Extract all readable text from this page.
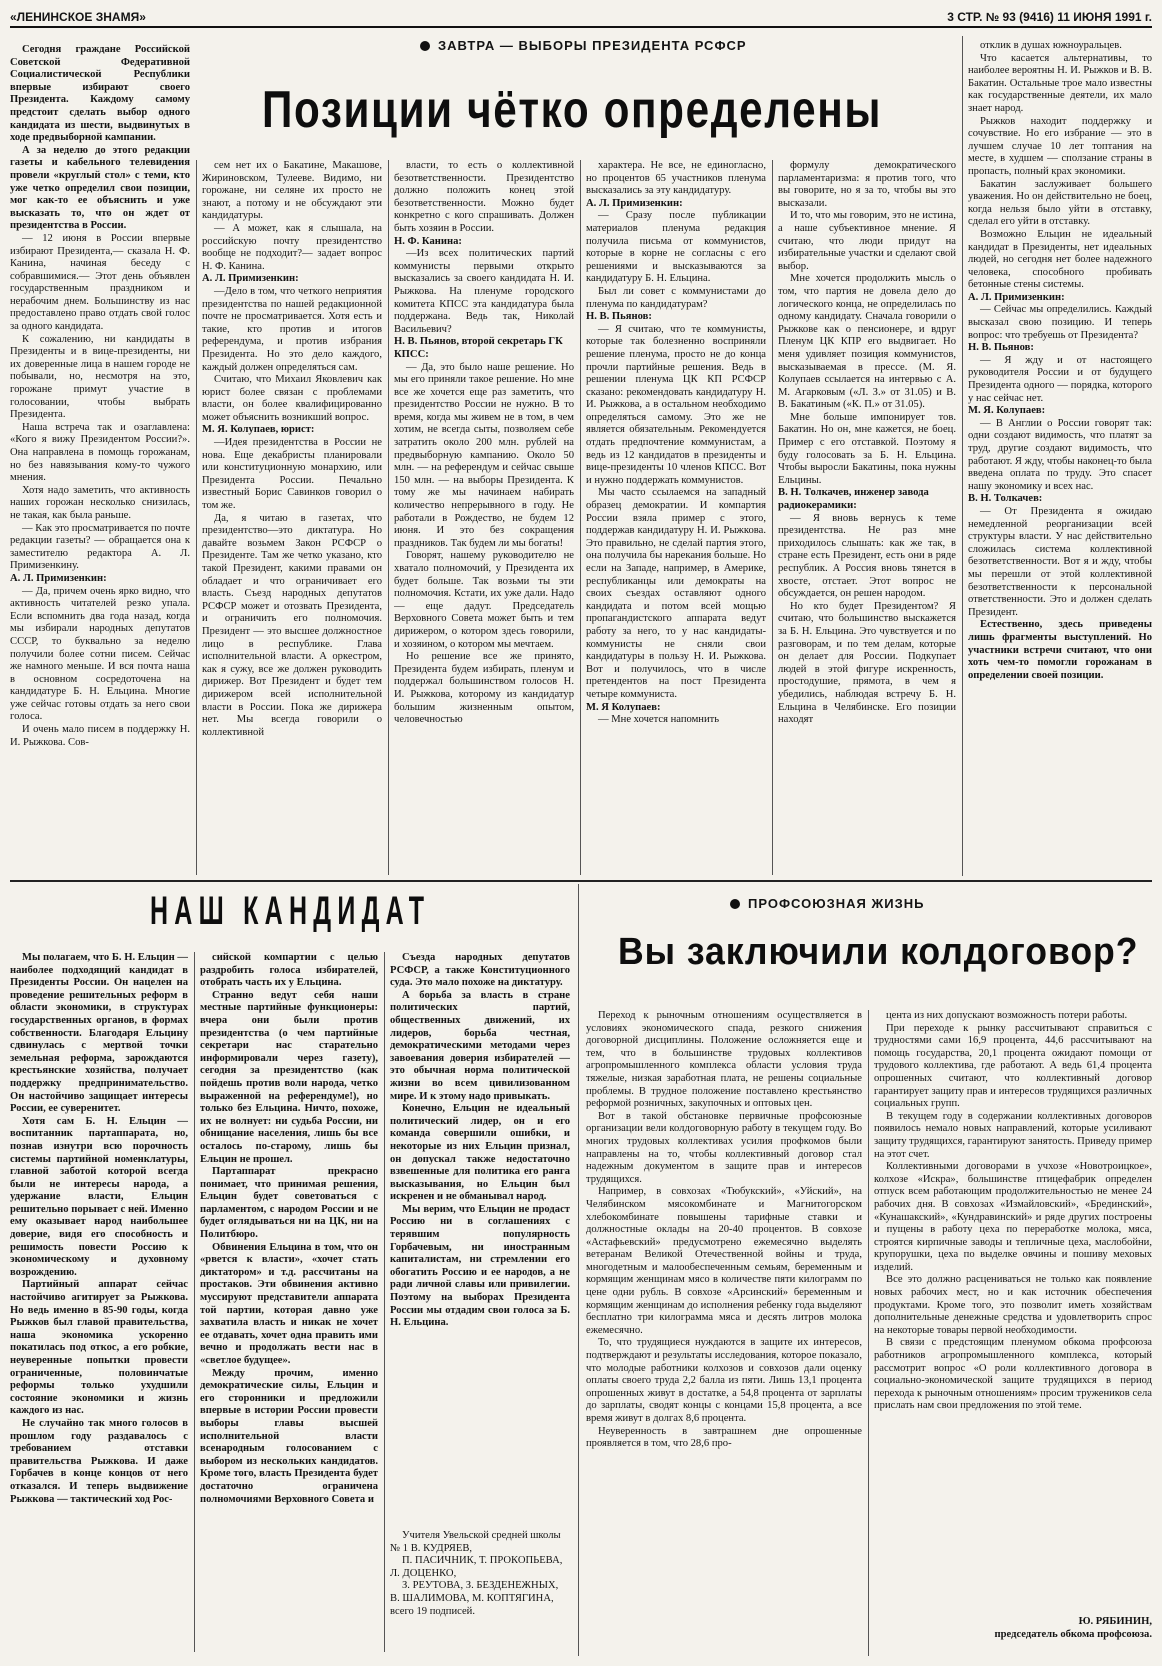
«ЛЕНИНСКОЕ ЗНАМЯ»	3 СТР. № 93 (9416) 11 ИЮНЯ 1991 г.
ЗАВТРА — ВЫБОРЫ ПРЕЗИДЕНТА РСФСР
Позиции чётко определены

Сегодня граждане Российской Советской Федеративной Социалистической Республики впервые избирают своего Президента. Каждому самому предстоит сделать выбор одного кандидата из шести, выдвинутых в ходе предвыборной кампании.

А за неделю до этого редакции газеты и кабельного телевидения провели «круглый стол» с теми, кто уже четко определил свои позиции, мог как-то ее объяснить и уже высказать то, что он ждет от президентства в России.

— 12 июня в России впервые избирают Президента,— сказала Н. Ф. Канина, начиная беседу с собравшимися.— Этот день объявлен государственным праздником и нерабочим днем. Большинству из нас предоставлено право отдать свой голос за одного кандидата.

К сожалению, ни кандидаты в Президенты и в вице-президенты, ни их доверенные лица в нашем городе не побывали, но, несмотря на это, горожане примут участие в голосовании, чтобы выбрать Президента.

Наша встреча так и озаглавлена: «Кого я вижу Президентом России?». Она направлена в помощь горожанам, но без навязывания кому-то чужого мнения.

Хотя надо заметить, что активность наших горожан несколько снизилась, не такая, как была раньше.

— Как это просматривается по почте редакции газеты? — обращается она к заместителю редактора А. Л. Примизенкину.

А. Л. Примизенкин:

— Да, причем очень ярко видно, что активность читателей резко упала. Если вспомнить два года назад, когда мы избирали народных депутатов СССР, то буквально за неделю получили более сотни писем. Сейчас же намного меньше. И вся почта наша в основном сосредоточена на кандидатуре Б. Н. Ельцина. Многие уже сейчас готовы отдать за него свои голоса.

И очень мало писем в поддержку Н. И. Рыжкова. Сов-

сем нет их о Бакатине, Макашове, Жириновском, Тулееве. Видимо, ни горожане, ни селяне их просто не знают, а потому и не обсуждают эти кандидатуры.

— А может, как я слышала, на российскую почту президентство вообще не подходит?— задает вопрос Н. Ф. Канина.

А. Л. Примизенкин:

—Дело в том, что четкого неприятия президентства по нашей редакционной почте не просматривается. Хотя есть и такие, кто против и итогов референдума, и против избрания Президента. Но это дело каждого, каждый должен определяться сам.

Считаю, что Михаил Яковлевич как юрист более связан с проблемами власти, он более квалифицированно может объяснить возникший вопрос.

М. Я. Колупаев, юрист:

—Идея президентства в России не нова. Еще декабристы планировали или конституционную монархию, или Президента России. Печально известный Борис Савинков говорил о том же.

Да, я читаю в газетах, что президентство—это диктатура. Но давайте возьмем Закон РСФСР о Президенте. Там же четко указано, кто такой Президент, какими правами он обладает и что ограничивает его власть. Съезд народных депутатов РСФСР может и отозвать Президента, и ограничить его полномочия. Президент — это высшее должностное лицо в республике. Глава исполнительной власти. А оркестром, как я сужу, все же должен руководить дирижер. Вот Президент и будет тем дирижером всей исполнительной власти в России. Пока же дирижера нет. Мы всегда говорили о коллективной

власти, то есть о коллективной безответственности. Президентство должно положить конец этой безответственности. Можно будет конкретно с кого спрашивать. Должен быть хозяин в России.

Н. Ф. Канина:

—Из всех политических партий коммунисты первыми открыто высказались за своего кандидата Н. И. Рыжкова. На пленуме городского комитета КПСС эта кандидатура была поддержана. Ведь так, Николай Васильевич?

Н. В. Пьянов, второй секретарь ГК КПСС:

— Да, это было наше решение. Но мы его приняли такое решение. Но мне все же хочется еще раз заметить, что президентство России не нужно. В то время, когда мы живем не в том, в чем хотим, не всегда сыты, позволяем себе затратить около 200 млн. рублей на предвыборную кампанию. Около 50 млн. — на референдум и сейчас свыше 150 млн. — на выборы Президента. К тому же мы начинаем набирать количество непрерывного в году. Не работали в Рождество, не будем 12 июня. И это без сокращения праздников. Так будем ли мы богаты!

Говорят, нашему руководителю не хватало полномочий, у Президента их будет больше. Так возьми ты эти полномочия. Кстати, их уже дали. Надо — еще дадут. Председатель Верховного Совета может быть и тем дирижером, о котором здесь говорили, и хозяином, о котором мы мечтаем.

Но решение все же принято, Президента будем избирать, пленум и поддержал большинством голосов Н. И. Рыжкова, которому из кандидатур большим жизненным опытом, человечностью

характера. Не все, не единогласно, но процентов 65 участников пленума высказались за эту кандидатуру.

А. Л. Примизенкин:

— Сразу после публикации материалов пленума редакция получила письма от коммунистов, которые в корне не согласны с его решениями и высказываются за кандидатуру Б. Н. Ельцина.

Был ли совет с коммунистами до пленума по кандидатурам?

Н. В. Пьянов:

— Я считаю, что те коммунисты, которые так болезненно восприняли решение пленума, просто не до конца прочли партийные решения. Ведь в решении пленума ЦК КП РСФСР сказано: рекомендовать кандидатуру Н. И. Рыжкова, а в остальном необходимо определяться самому. Это же не является обязательным. Рекомендуется отдать предпочтение коммунистам, а ведь из 12 кандидатов в президенты и вице-президенты 10 членов КПСС. Вот и нужно поддержать коммунистов.

Мы часто ссылаемся на западный образец демократии. И компартия России взяла пример с этого, поддержав кандидатуру Н. И. Рыжкова. Это правильно, не сделай партия этого, она получила бы нарекания больше. Но если на Западе, например, в Америке, республиканцы или демократы на своих съездах оставляют одного кандидата и потом всей мощью пропагандистского аппарата ведут работу за него, то у нас кандидаты-коммунисты не сняли свои кандидатуры в пользу Н. И. Рыжкова. Вот и получилось, что в числе претендентов на пост Президента четыре коммуниста.

М. Я Колупаев:

— Мне хочется напомнить

формулу демократического парламентаризма: я против того, что вы говорите, но я за то, чтобы вы это высказали.

И то, что мы говорим, это не истина, а наше субъективное мнение. Я считаю, что люди придут на избирательные участки и сделают свой выбор.

Мне хочется продолжить мысль о том, что партия не довела дело до логического конца, не определилась по одному кандидату. Сначала говорили о Рыжкове как о пенсионере, и вдруг Пленум ЦК КПР его выдвигает. Но меня удивляет позиция коммунистов, высказываемая в прессе. (М. Я. Колупаев ссылается на интервью с А. М. Агарковым («Л. З.» от 31.05) и В. В. Бакатиным («К. П.» от 31.05).

Мне больше импонирует тов. Бакатин. Но он, мне кажется, не боец. Пример с его отставкой. Поэтому я буду голосовать за Б. Н. Ельцина. Чтобы выросли Бакатины, пока нужны Ельцины.

В. Н. Толкачев, инженер завода радиокерамики:

— Я вновь вернусь к теме президентства. Не раз мне приходилось слышать: как же так, в стране есть Президент, есть они в ряде республик. А Россия вновь тянется в хвосте, отстает. Этот вопрос не обсуждается, он решен народом.

Но кто будет Президентом? Я считаю, что большинство выскажется за Б. Н. Ельцина. Это чувствуется и по разговорам, и по тем делам, которые он делает для России. Подкупает людей в этой фигуре искренность, простодушие, прямота, в чем я убедились, наблюдая встречу Б. Н. Ельцина в Челябинске. Его позиции находят

отклик в душах южноуральцев.

Что касается альтернативы, то наиболее вероятны Н. И. Рыжков и В. В. Бакатин. Остальные трое мало известны как государственные деятели, их мало знает народ.

Рыжков находит поддержку и сочувствие. Но его избрание — это в лучшем случае 10 лет топтания на месте, в худшем — сползание страны в пропасть, полный крах экономики.

Бакатин заслуживает большего уважения. Но он действительно не боец, когда нельзя было уйти в отставку, сделал его уйти в отставку.

Возможно Ельцин не идеальный кандидат в Президенты, нет идеальных людей, но сегодня нет более надежного человека, способного пробивать бетонные стены системы.

А. Л. Примизенкин:

— Сейчас мы определились. Каждый высказал свою позицию. И теперь вопрос: что требуешь от Президента?

Н. В. Пьянов:

— Я жду и от настоящего руководителя России и от будущего Президента одного — порядка, которого у нас сейчас нет.

М. Я. Колупаев:

— В Англии о России говорят так: одни создают видимость, что платят за труд, другие создают видимость, что работают. Я жду, чтобы наконец-то была введена оплата по труду. Это спасет нашу экономику и всех нас.

В. Н. Толкачев:

— От Президента я ожидаю немедленной реорганизации всей структуры власти. У нас действительно сложилась система коллективной безответственности. Вот я и жду, чтобы мы перешли от этой коллективной безответственности к персональной ответственности. Это и должен сделать Президент.

Естественно, здесь приведены лишь фрагменты выступлений. Но участники встречи считают, что они хоть чем-то помогли горожанам в определении своей позиции.

НАШ КАНДИДАТ

Мы полагаем, что Б. Н. Ельцин — наиболее подходящий кандидат в Президенты России. Он нацелен на проведение решительных реформ в области экономики, в структурах государственных органов, в формах собственности. Благодаря Ельцину сдвинулась с мертвой точки земельная реформа, зарождаются крестьянские хозяйства, получает поддержку предпринимательство. Он настойчиво защищает интересы России, ее суверенитет.

Хотя сам Б. Н. Ельцин — воспитанник партаппарата, но, познав изнутри всю порочность системы партийной номенклатуры, главной заботой которой всегда были не интересы народа, а удержание власти, Ельцин решительно порывает с ней. Именно ему оказывает народ наибольшее доверие, видя его способность и решимость повести Россию к экономическому и духовному возрождению.

Партийный аппарат сейчас настойчиво агитирует за Рыжкова. Но ведь именно в 85-90 годы, когда Рыжков был главой правительства, наша экономика ускоренно покатилась под откос, а его робкие, неуверенные попытки провести ограниченные, половинчатые реформы только ухудшили состояние экономики и жизнь каждого из нас.

Не случайно так много голосов в прошлом году раздавалось с требованием отставки правительства Рыжкова. И даже Горбачев в конце концов от него отказался. И теперь выдвижение Рыжкова — тактический ход Рос-

сийской компартии с целью раздробить голоса избирателей, отобрать часть их у Ельцина.

Странно ведут себя наши местные партийные функционеры: вчера они были против президентства (о чем партийные секретари нас старательно информировали через газету), сегодня за президентство (как пойдешь против воли народа, четко выраженной на референдуме!), но только без Ельцина. Ничто, похоже, их не волнует: ни судьба России, ни обнищание населения, лишь бы все осталось по-старому, лишь бы Ельцин не прошел.

Партаппарат прекрасно понимает, что принимая решения, Ельцин будет советоваться с парламентом, с народом России и не будет оглядываться ни на ЦК, ни на Политбюро.

Обвинения Ельцина в том, что он «рвется к власти», «хочет стать диктатором» и т.д. рассчитаны на простаков. Эти обвинения активно муссируют представители аппарата той партии, которая давно уже захватила власть и никак не хочет ее отдавать, хочет одна править ими вечно и продолжать вести нас в «светлое будущее».

Между прочим, именно демократические силы, Ельцин и его сторонники и предложили впервые в истории России провести выборы главы высшей исполнительной власти всенародным голосованием с выбором из нескольких кандидатов. Кроме того, власть Президента будет достаточно ограничена полномочиями Верховного Совета и

Съезда народных депутатов РСФСР, а также Конституционного суда. Это мало похоже на диктатуру.

А борьба за власть в стране политических партий, общественных движений, их лидеров, борьба честная, демократическими методами через завоевания доверия избирателей — это обычная норма политической жизни во всем цивилизованном мире. И к этому надо привыкать.

Конечно, Ельцин не идеальный политический лидер, он и его команда совершили ошибки, и некоторые из них Ельцин признал, он допускал также недостаточно взвешенные для политика его ранга высказывания, но Ельцин был искренен и не обманывал народ.

Мы верим, что Ельцин не продаст Россию ни в соглашениях с терявшим популярность Горбачевым, ни иностранным капиталистам, ни стремлении его обогатить Россию и ее народов, а не ради личной славы или привилегии. Поэтому на выборах Президента России мы отдадим свои голоса за Б. Н. Ельцина.

Учителя Увельской средней школы № 1 В. КУДРЯЕВ,

П. ПАСИЧНИК, Т. ПРОКОПЬЕВА, Л. ДОЦЕНКО,

З. РЕУТОВА, З. БЕЗДЕНЕЖНЫХ, В. ШАЛИМОВА, М. КОПТЯГИНА, всего 19 подписей.

ПРОФСОЮЗНАЯ ЖИЗНЬ
Вы заключили колдоговор?

Переход к рыночным отношениям осуществляется в условиях экономического спада, резкого снижения договорной дисциплины. Положение осложняется еще и тем, что в большинстве трудовых коллективов агропромышленного комплекса области условия труда тяжелые, низкая заработная плата, не решены социальные проблемы. В трудное положение поставлено крестьянство реформой розничных, закупочных и оптовых цен.

Вот в такой обстановке первичные профсоюзные организации вели колдоговорную работу в текущем году. Во многих трудовых коллективах усилия профкомов были направлены на то, чтобы коллективный договор стал надежным документом в защите прав и интересов трудящихся.

Например, в совхозах «Тюбукский», «Уйский», на Челябинском мясокомбинате и Магнитогорском хлебокомбинате повышены тарифные ставки и должностные оклады на 20-40 процентов. В совхозе «Астафьевский» предусмотрено ежемесячно выделять ветеранам Великой Отечественной войны и труда, многодетным и малообеспеченным семьям, беременным и кормящим женщинам мясо в количестве пяти килограмм по цене одни рубль. В совхозе «Арсинский» беременным и кормящим женщинам до исполнения ребенку года выделяют бесплатно три килограмма мяса и десять литров молока ежемесячно.

То, что трудящиеся нуждаются в защите их интересов, подтверждают и результаты исследования, которое показало, что молодые работники колхозов и совхозов дали оценку оплаты своего труда 2,2 балла из пяти. Лишь 13,1 процента опрошенных живут в достатке, а 54,8 процента от зарплаты до зарплаты, сводят концы с концами 15,8 процента, а все время живут в долгах 8,6 процента.

Неуверенность в завтрашнем дне опрошенные проявляется в том, что 28,6 про-

цента из них допускают возможность потери работы.

При переходе к рынку рассчитывают справиться с трудностями сами 16,9 процента, 44,6 рассчитывают на помощь государства, 20,1 процента ожидают помощи от трудового коллектива, где работают. А ведь 61,4 процента опрошенных считают, что коллективный договор гарантирует защиту прав и интересов трудящихся различных социальных групп.

В текущем году в содержании коллективных договоров появилось немало новых направлений, которые усиливают защиту трудящихся, гарантируют занятость. Приведу пример на этот счет.

Коллективными договорами в учхозе «Новотроицкое», колхозе «Искра», большинстве птицефабрик определен отпуск всем работающим продолжительностью не менее 24 рабочих дня. В совхозах «Измайловский», «Брединский», «Кунашакский», «Кундравинский» и ряде других построены и пущены в работу цеха по переработке молока, мяса, строятся кирпичные заводы и тепличные цеха, маслобойни, крупорушки, цеха по выделке овчины и пошиву меховых изделий.

Все это должно расцениваться не только как появление новых рабочих мест, но и как источник обеспечения продуктами. Кроме того, это позволит иметь хозяйствам дополнительные денежные средства и удовлетворить спрос на некоторые товары первой необходимости.

В связи с предстоящим пленумом обкома профсоюза работников агропромышленного комплекса, который рассмотрит вопрос «О роли коллективного договора в социально-экономической защите трудящихся в период перехода к рыночным отношениям» просим тружеников села прислать нам свои предложения по этой теме.

Ю. РЯБИНИН,

председатель обкома профсоюза.
